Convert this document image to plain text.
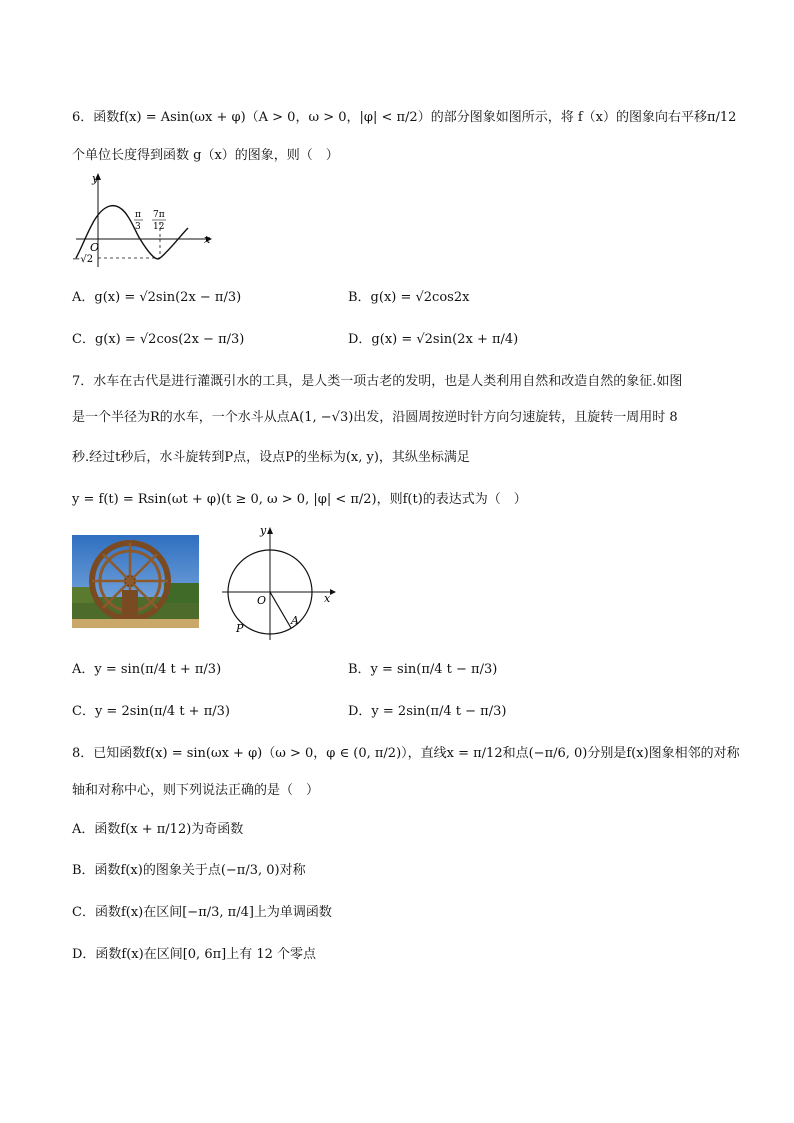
6．函数f(x) = Asin(ωx + φ)（A > 0，ω > 0，|φ| < π/2）的部分图象如图所示，将 f（x）的图象向右平移π/12
个单位长度得到函数 g（x）的图象，则（　）
y
x
O
π
3
7π
12
−√2
A．g(x) = √2sin(2x − π/3)	B．g(x) = √2cos2x
C．g(x) = √2cos(2x − π/3)	D．g(x) = √2sin(2x + π/4)
7．水车在古代是进行灌溉引水的工具，是人类一项古老的发明，也是人类利用自然和改造自然的象征.如图
是一个半径为R的水车，一个水斗从点A(1, −√3)出发，沿圆周按逆时针方向匀速旋转，且旋转一周用时 8
秒.经过t秒后，水斗旋转到P点，设点P的坐标为(x, y)，其纵坐标满足
y = f(t) = Rsin(ωt + φ)(t ≥ 0, ω > 0, |φ| < π/2)，则f(t)的表达式为（　）
y
x
O
A
P
A．y = sin(π/4 t + π/3)	B．y = sin(π/4 t − π/3)
C．y = 2sin(π/4 t + π/3)	D．y = 2sin(π/4 t − π/3)
8．已知函数f(x) = sin(ωx + φ)（ω > 0，φ ∈ (0, π/2)），直线x = π/12和点(−π/6, 0)分别是f(x)图象相邻的对称
轴和对称中心，则下列说法正确的是（　）
A．函数f(x + π/12)为奇函数
B．函数f(x)的图象关于点(−π/3, 0)对称
C．函数f(x)在区间[−π/3, π/4]上为单调函数
D．函数f(x)在区间[0, 6π]上有 12 个零点
